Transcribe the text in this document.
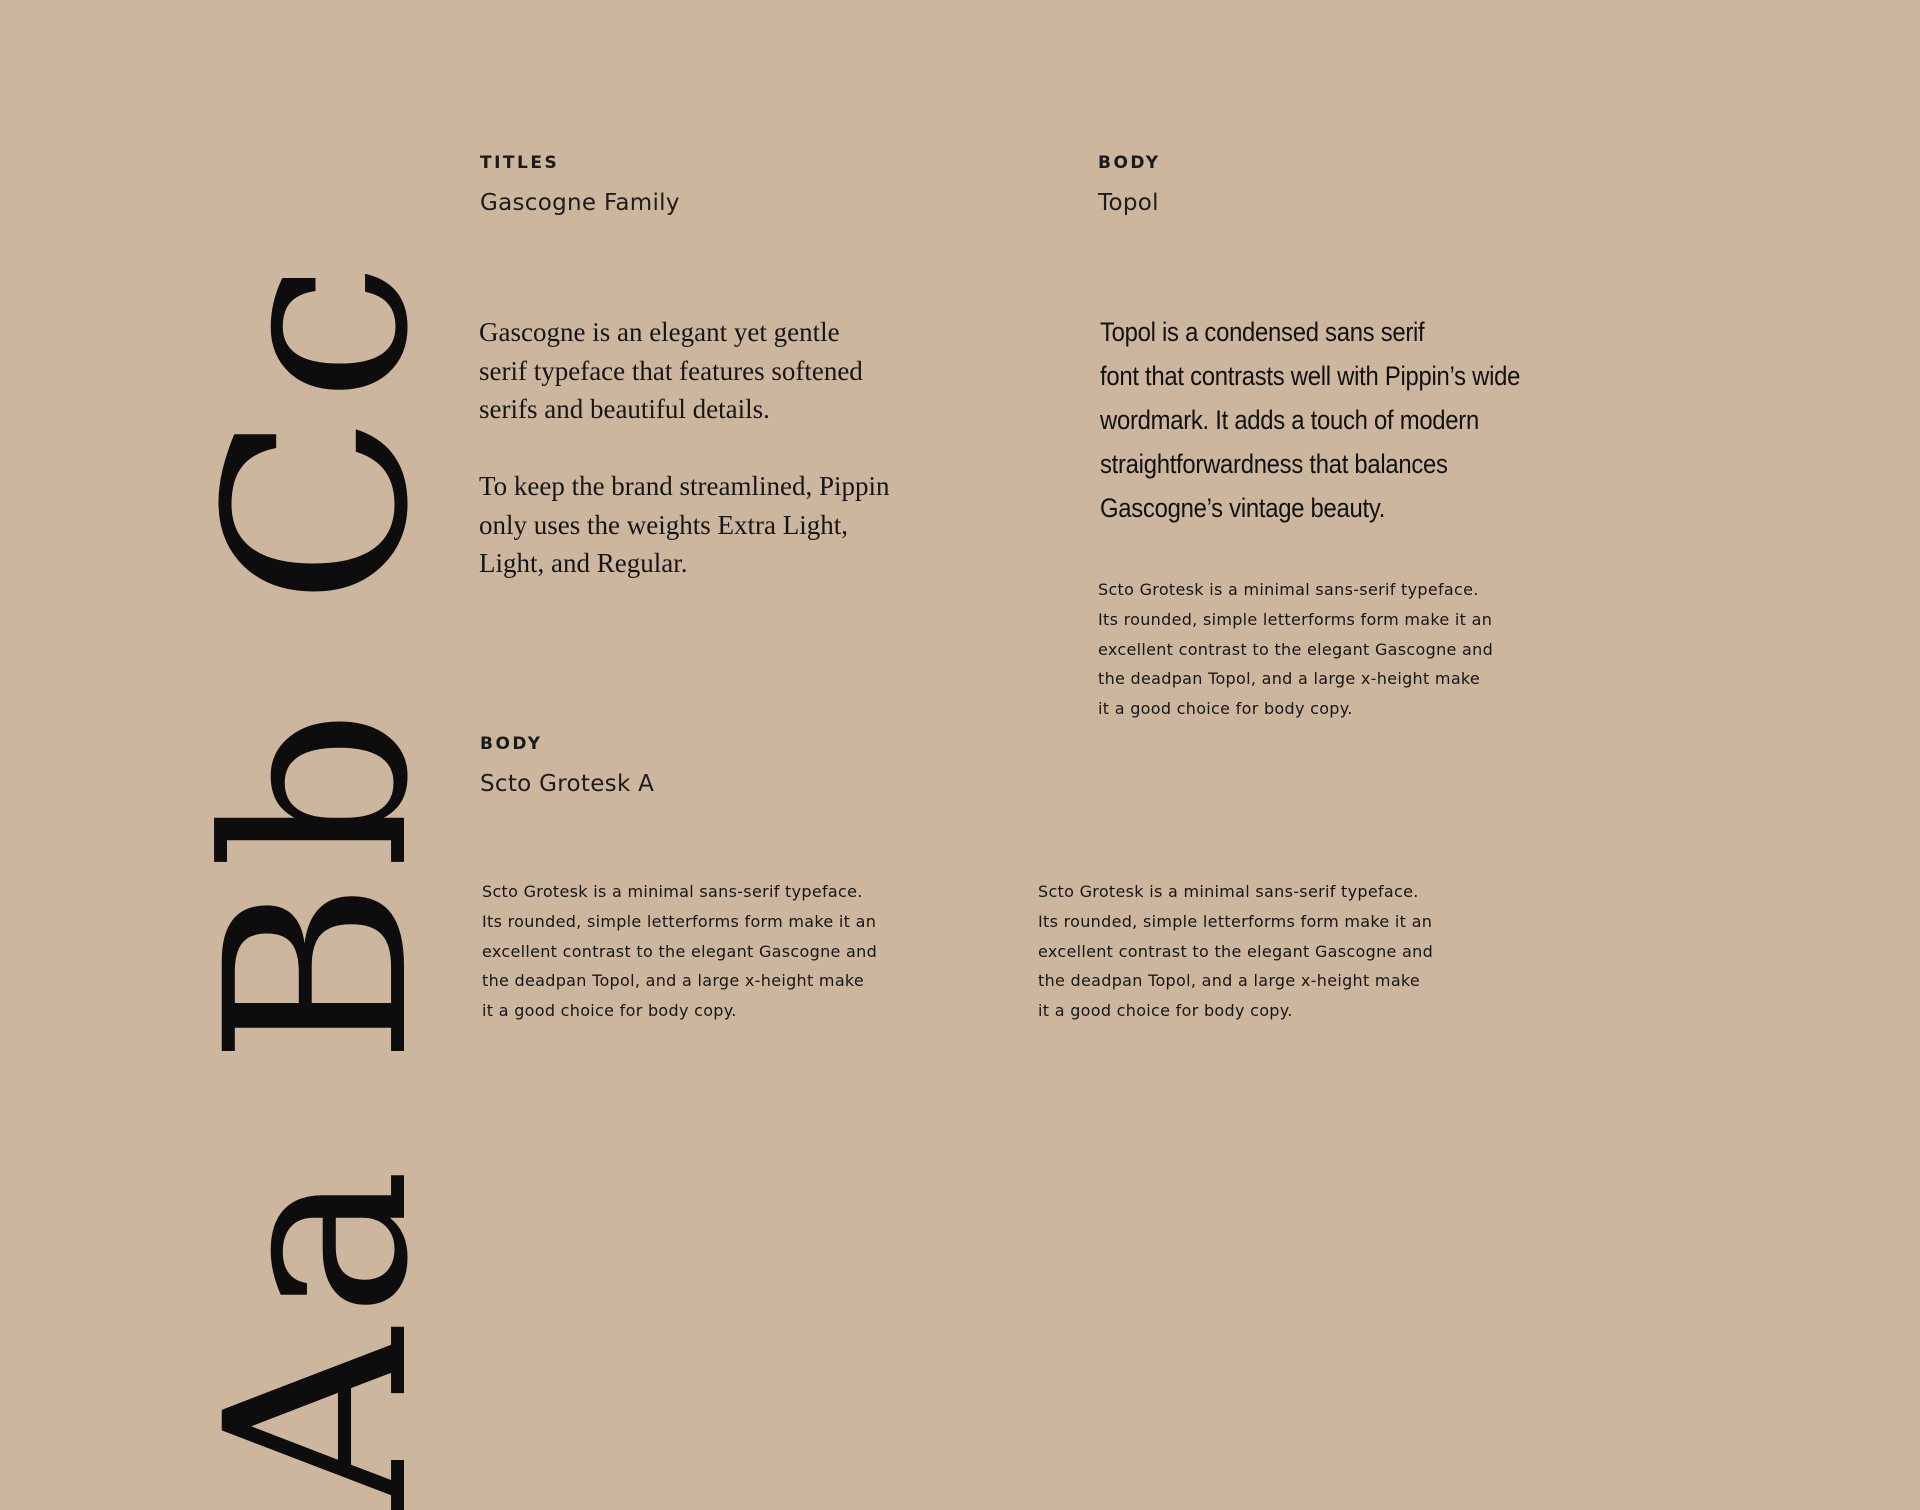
Aa Bb Cc
TITLES
Gascogne Family

Gascogne is an elegant yet gentle
serif typeface that features softened
serifs and beautiful details.

To keep the brand streamlined, Pippin
only uses the weights Extra Light,
Light, and Regular.

BODY
Topol

Topol is a condensed sans serif
font that contrasts well with Pippin’s wide
wordmark. It adds a touch of modern
straightforwardness that balances
Gascogne’s vintage beauty.

Scto Grotesk is a minimal sans-serif typeface.
Its rounded, simple letterforms form make it an
excellent contrast to the elegant Gascogne and
the deadpan Topol, and a large x-height make
it a good choice for body copy.

BODY
Scto Grotesk A

Scto Grotesk is a minimal sans-serif typeface.
Its rounded, simple letterforms form make it an
excellent contrast to the elegant Gascogne and
the deadpan Topol, and a large x-height make
it a good choice for body copy.

Scto Grotesk is a minimal sans-serif typeface.
Its rounded, simple letterforms form make it an
excellent contrast to the elegant Gascogne and
the deadpan Topol, and a large x-height make
it a good choice for body copy.
